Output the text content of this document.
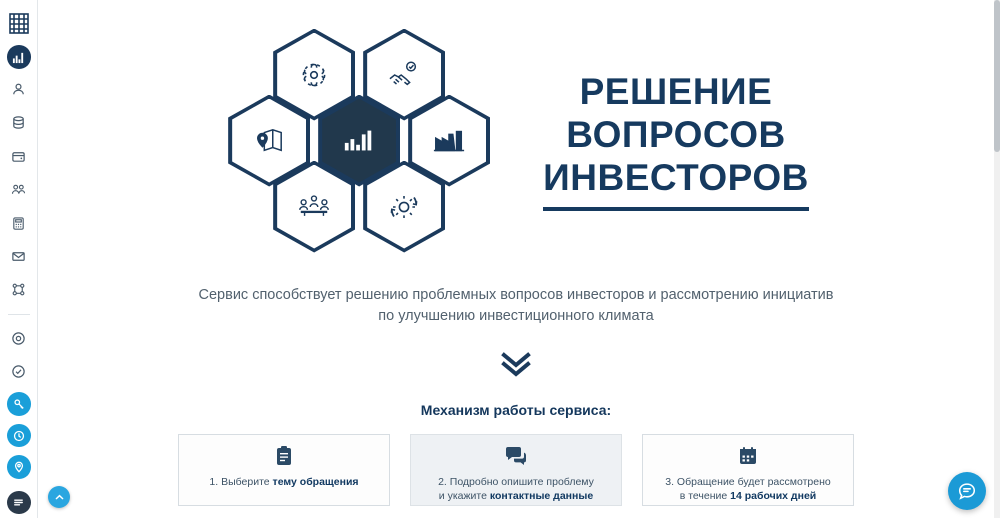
РЕШЕНИЕ
ВОПРОСОВ
ИНВЕСТОРОВ
Сервис способствует решению проблемных вопросов инвесторов и рассмотрению инициатив
по улучшению инвестиционного климата
Механизм работы сервиса:
1. Выберите тему обращения	2. Подробно опишите проблему
и укажите контактные данные
3. Обращение будет рассмотрено
в течение 14 рабочих дней
